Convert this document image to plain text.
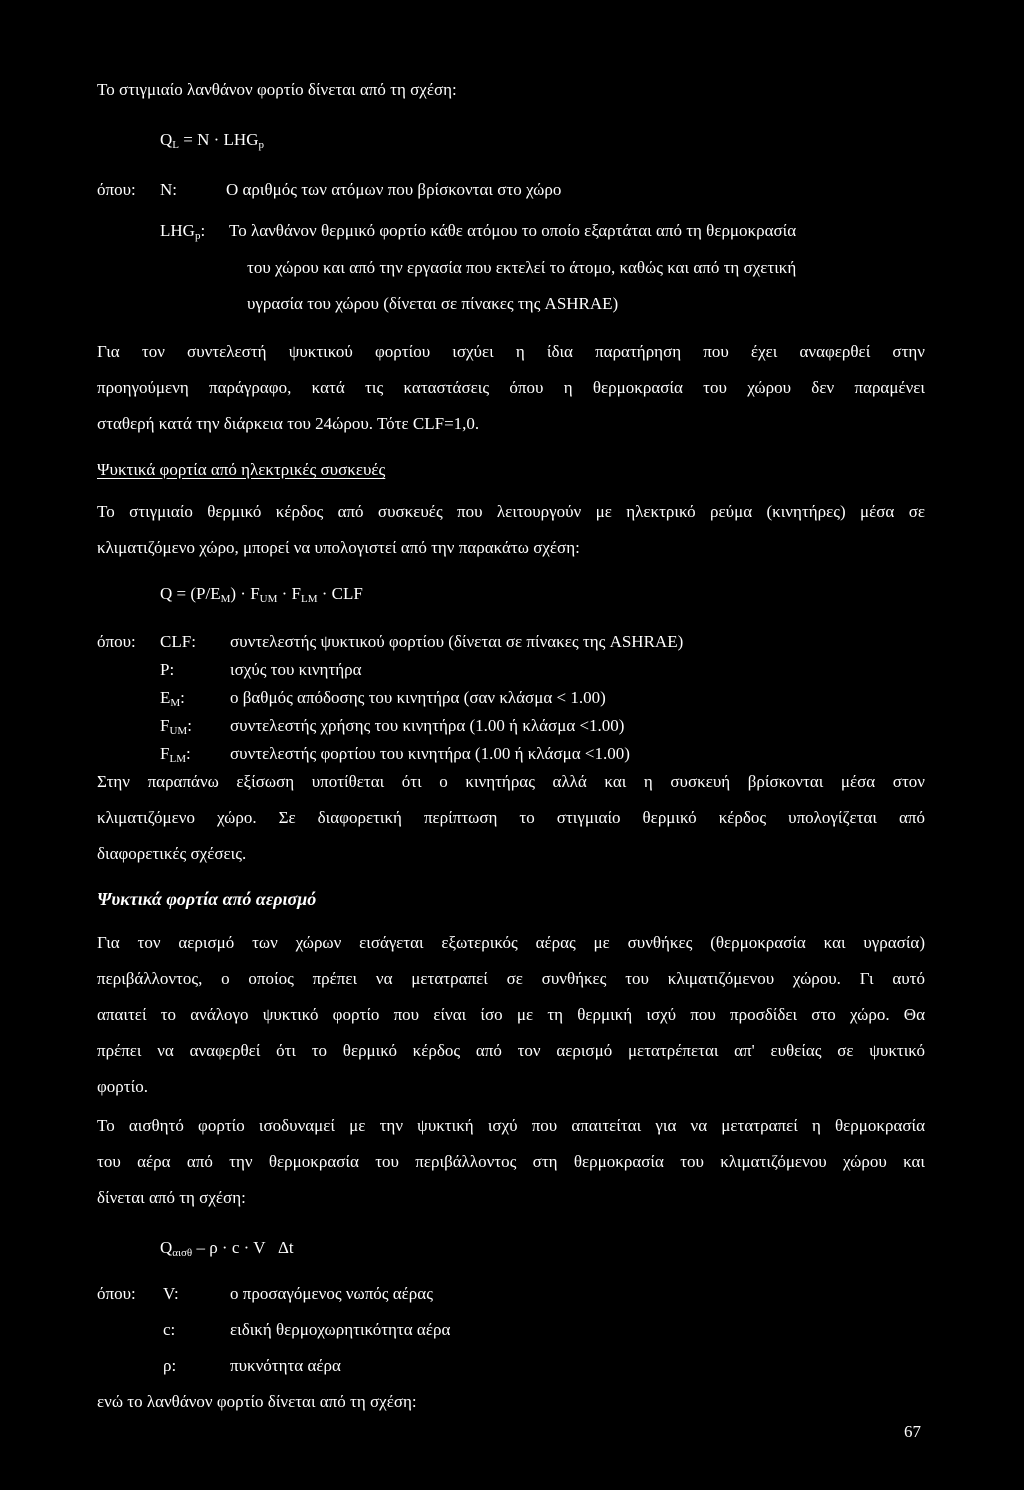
Το στιγμιαίο λανθάνον φορτίο δίνεται από τη σχέση:
$Q_L = N \cdot LHG_p$
όπου: N:	Ο αριθμός των ατόμων που βρίσκονται στο χώρο
$LHG_p$: Το λανθάνον θερμικό φορτίο κάθε ατόμου το οποίο εξαρτάται από τη θερμοκρασία
του χώρου και από την εργασία που εκτελεί το άτομο, καθώς και από τη σχετική
υγρασία του χώρου (δίνεται σε πίνακες της ASHRAE)
Για τον συντελεστή ψυκτικού φορτίου ισχύει η ίδια παρατήρηση που έχει αναφερθεί στην
προηγούμενη παράγραφο, κατά τις καταστάσεις όπου η θερμοκρασία του χώρου δεν παραμένει
σταθερή κατά την διάρκεια του 24ώρου. Τότε CLF=1,0.
Ψυκτικά φορτία από ηλεκτρικές συσκευές
Το στιγμιαίο θερμικό κέρδος από συσκευές που λειτουργούν με ηλεκτρικό ρεύμα (κινητήρες) μέσα σε
κλιματιζόμενο χώρο, μπορεί να υπολογιστεί από την παρακάτω σχέση:
$Q = (P/E_M) \cdot F_{UM} \cdot F_{LM}$ · CLF
όπου: CLF: συντελεστής ψυκτικού φορτίου (δίνεται σε πίνακες της ASHRAE)
P:	ισχύς του κινητήρα
$E_M$:	ο βαθμός απόδοσης του κινητήρα (σαν κλάσμα < 1.00)
$F_{UM}$: συντελεστής χρήσης του κινητήρα (1.00 ή κλάσμα <1.00)
$F_{LM}$: συντελεστής φορτίου του κινητήρα (1.00 ή κλάσμα <1.00)
Στην παραπάνω εξίσωση υποτίθεται ότι ο κινητήρας αλλά και η συσκευή βρίσκονται μέσα στον
κλιματιζόμενο χώρο. Σε διαφορετική περίπτωση το στιγμιαίο θερμικό κέρδος υπολογίζεται από
διαφορετικές σχέσεις.
Ψυκτικά φορτία από αερισμό
Για τον αερισμό των χώρων εισάγεται εξωτερικός αέρας με συνθήκες (θερμοκρασία και υγρασία)
περιβάλλοντος, ο οποίος πρέπει να μετατραπεί σε συνθήκες του κλιματιζόμενου χώρου. Γι αυτό
απαιτεί το ανάλογο ψυκτικό φορτίο που είναι ίσο με τη θερμική ισχύ που προσδίδει στο χώρο. Θα
πρέπει να αναφερθεί ότι το θερμικό κέρδος από τον αερισμό μετατρέπεται απ' ευθείας σε ψυκτικό
φορτίο.
Το αισθητό φορτίο ισοδυναμεί με την ψυκτική ισχύ που απαιτείται για να μετατραπεί η θερμοκρασία
του αέρα από την θερμοκρασία του περιβάλλοντος στη θερμοκρασία του κλιματιζόμενου χώρου και
δίνεται από τη σχέση:
$Q_{\alpha\iota\sigma\theta} - \rho \cdot c \cdot V$   Δt
όπου: V:	ο προσαγόμενος νωπός αέρας
c:	ειδική θερμοχωρητικότητα αέρα
ρ:	πυκνότητα αέρα
ενώ το λανθάνον φορτίο δίνεται από τη σχέση:
67
